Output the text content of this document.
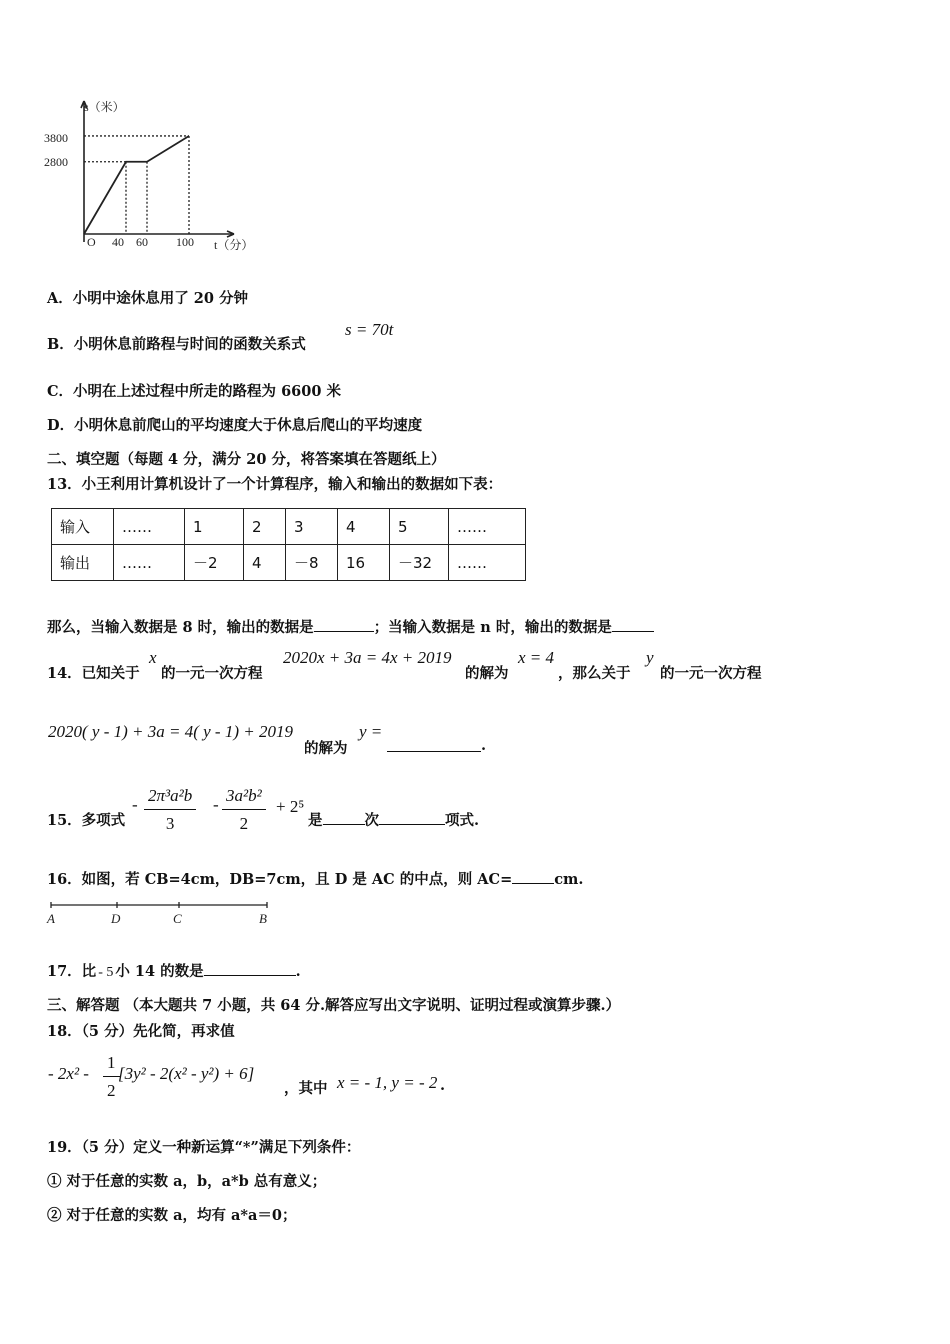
s（米）
t（分）
3800
2800
O 40 60 100
A．小明中途休息用了 20 分钟
B．小明休息前路程与时间的函数关系式
s = 70t
C．小明在上述过程中所走的路程为 6600 米
D．小明休息前爬山的平均速度大于休息后爬山的平均速度
二、填空题（每题 4 分，满分 20 分，将答案填在答题纸上）
13．小王利用计算机设计了一个计算程序，输入和输出的数据如下表：
输入	……	1	2	3	4	5	……
输出	……	－2	4	－8	16	－32	……
那么，当输入数据是 8 时，输出的数据是	；当输入数据是 n 时，输出的数据是
14．已知关于
x
的一元一次方程
2020x + 3a = 4x + 2019
的解为
x = 4
，那么关于
y
的一元一次方程
2020( y - 1) + 3a = 4( y - 1) + 2019
的解为
y =
.
15．多项式
- $\frac{\text{2π³a²b}}{3} - \frac{\text{3a²b²}}{2} + 2^5$
是	次	项式.
16．如图，若 CB=4cm，DB=7cm，且 D 是 AC 的中点，则 AC=	cm.
A	D	C	B
17．比 - 5 小 14 的数是	.
三、解答题 （本大题共 7 小题，共 64 分.解答应写出文字说明、证明过程或演算步骤.）
18．（5 分）先化简，再求值
- $2x^2 - \frac{1}{2}$
[3y² - 2(x² - y²) + 6]
，其中 x = - 1, y = - 2 .
19．（5 分）定义一种新运算“*”满足下列条件：
① 对于任意的实数 a，b，a*b 总有意义；
② 对于任意的实数 a，均有 a*a＝0；
